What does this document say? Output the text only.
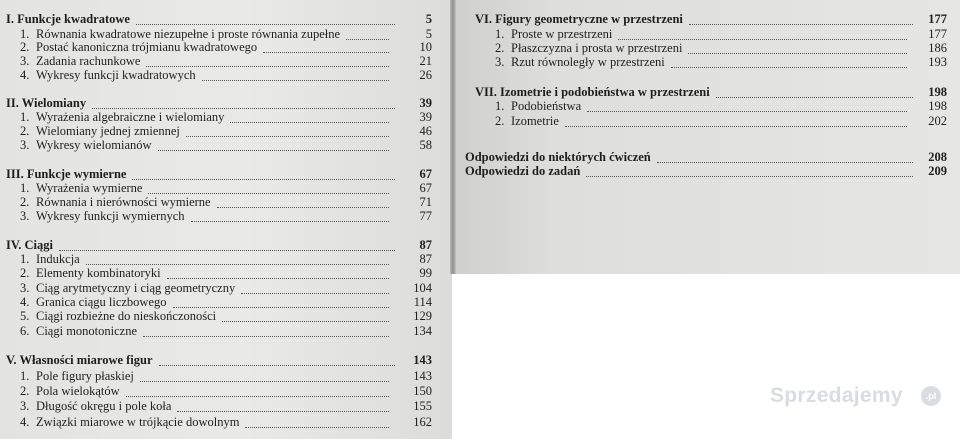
I. Funkcje kwadratowe	5
1. Równania kwadratowe niezupełne i proste równania zupełne	5
2. Postać kanoniczna trójmianu kwadratowego	10
3. Zadania rachunkowe	21
4. Wykresy funkcji kwadratowych	26
II. Wielomiany	39
1. Wyrażenia algebraiczne i wielomiany	39
2. Wielomiany jednej zmiennej	46
3. Wykresy wielomianów	58
III. Funkcje wymierne	67
1. Wyrażenia wymierne	67
2. Równania i nierówności wymierne	71
3. Wykresy funkcji wymiernych	77
IV. Ciągi	87
1. Indukcja	87
2. Elementy kombinatoryki	99
3. Ciąg arytmetyczny i ciąg geometryczny	104
4. Granica ciągu liczbowego	114
5. Ciągi rozbieżne do nieskończoności	129
6. Ciągi monotoniczne	134
V. Własności miarowe figur	143
1. Pole figury płaskiej	143
2. Pola wielokątów	150
3. Długość okręgu i pole koła	155
4. Związki miarowe w trójkącie dowolnym	162
VI. Figury geometryczne w przestrzeni	177
1. Proste w przestrzeni	177
2. Płaszczyzna i prosta w przestrzeni	186
3. Rzut równoległy w przestrzeni	193
VII. Izometrie i podobieństwa w przestrzeni	198
1. Podobieństwa	198
2. Izometrie	202
Odpowiedzi do niektórych ćwiczeń	208
Odpowiedzi do zadań	209
Sprzedajemy	.pl
